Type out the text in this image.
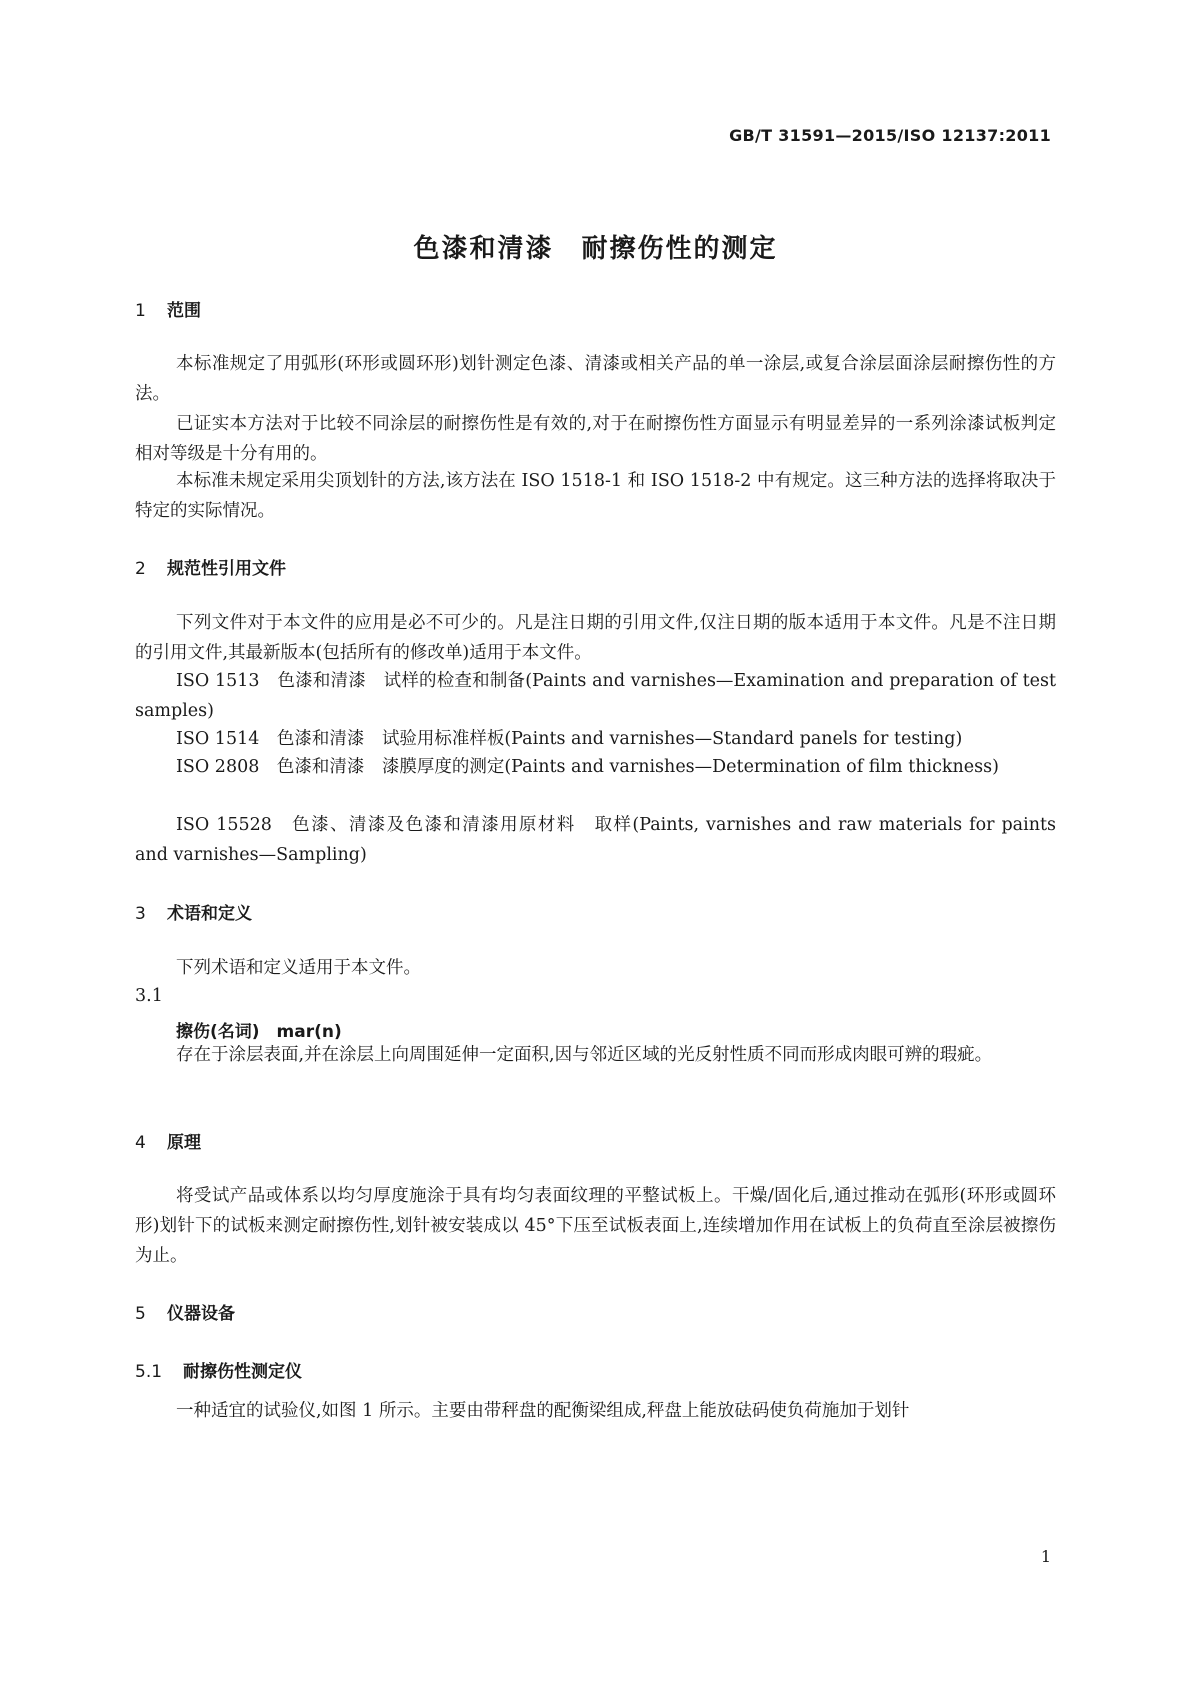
GB/T 31591—2015/ISO 12137:2011
色漆和清漆　耐擦伤性的测定
1 范围

本标准规定了用弧形(环形或圆环形)划针测定色漆、清漆或相关产品的单一涂层,或复合涂层面涂层耐擦伤性的方法。

已证实本方法对于比较不同涂层的耐擦伤性是有效的,对于在耐擦伤性方面显示有明显差异的一系列涂漆试板判定相对等级是十分有用的。

本标准未规定采用尖顶划针的方法,该方法在 ISO 1518-1 和 ISO 1518-2 中有规定。这三种方法的选择将取决于特定的实际情况。

2 规范性引用文件

下列文件对于本文件的应用是必不可少的。凡是注日期的引用文件,仅注日期的版本适用于本文件。凡是不注日期的引用文件,其最新版本(包括所有的修改单)适用于本文件。

ISO 1513　色漆和清漆　试样的检查和制备(Paints and varnishes—Examination and preparation of test samples)

ISO 1514　色漆和清漆　试验用标准样板(Paints and varnishes—Standard panels for testing)

ISO 2808　色漆和清漆　漆膜厚度的测定(Paints and varnishes—Determination of film thickness)

ISO 15528　色漆、清漆及色漆和清漆用原材料　取样(Paints, varnishes and raw materials for paints and varnishes—Sampling)

3 术语和定义

下列术语和定义适用于本文件。

3.1
擦伤(名词)　mar(n)

存在于涂层表面,并在涂层上向周围延伸一定面积,因与邻近区域的光反射性质不同而形成肉眼可辨的瑕疵。

4 原理

将受试产品或体系以均匀厚度施涂于具有均匀表面纹理的平整试板上。干燥/固化后,通过推动在弧形(环形或圆环形)划针下的试板来测定耐擦伤性,划针被安装成以 45°下压至试板表面上,连续增加作用在试板上的负荷直至涂层被擦伤为止。

5 仪器设备
5.1 耐擦伤性测定仪

一种适宜的试验仪,如图 1 所示。主要由带秤盘的配衡梁组成,秤盘上能放砝码使负荷施加于划针

1
